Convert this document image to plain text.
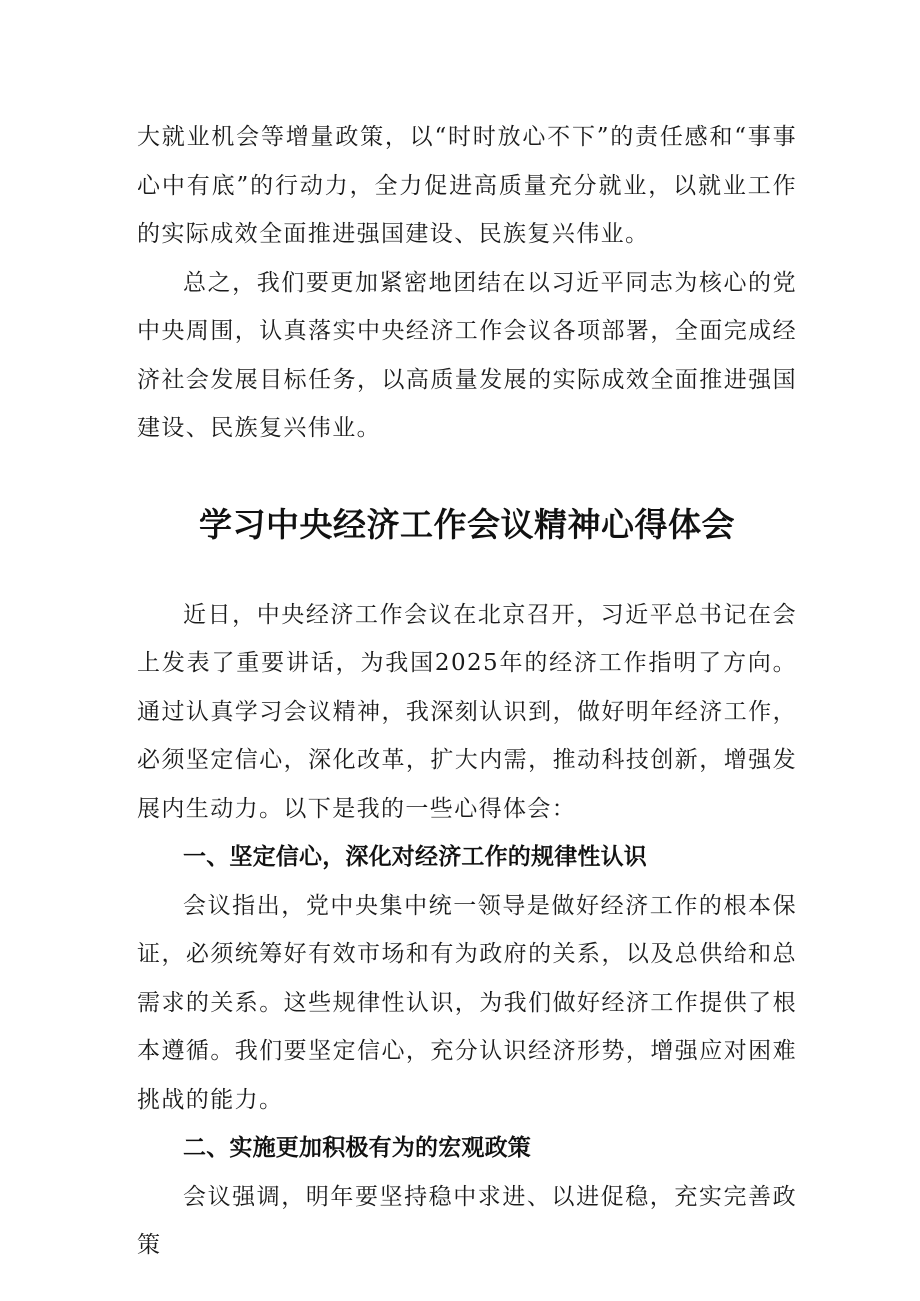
大就业机会等增量政策，以“时时放心不下”的责任感和“事事心中有底”的行动力，全力促进高质量充分就业，以就业工作的实际成效全面推进强国建设、民族复兴伟业。

总之，我们要更加紧密地团结在以习近平同志为核心的党中央周围，认真落实中央经济工作会议各项部署，全面完成经济社会发展目标任务，以高质量发展的实际成效全面推进强国建设、民族复兴伟业。

学习中央经济工作会议精神心得体会

近日，中央经济工作会议在北京召开，习近平总书记在会上发表了重要讲话，为我国2025年的经济工作指明了方向。通过认真学习会议精神，我深刻认识到，做好明年经济工作，必须坚定信心，深化改革，扩大内需，推动科技创新，增强发展内生动力。以下是我的一些心得体会：

一、坚定信心，深化对经济工作的规律性认识

会议指出，党中央集中统一领导是做好经济工作的根本保证，必须统筹好有效市场和有为政府的关系，以及总供给和总需求的关系。这些规律性认识，为我们做好经济工作提供了根本遵循。我们要坚定信心，充分认识经济形势，增强应对困难挑战的能力。

二、实施更加积极有为的宏观政策

会议强调，明年要坚持稳中求进、以进促稳，充实完善政策
